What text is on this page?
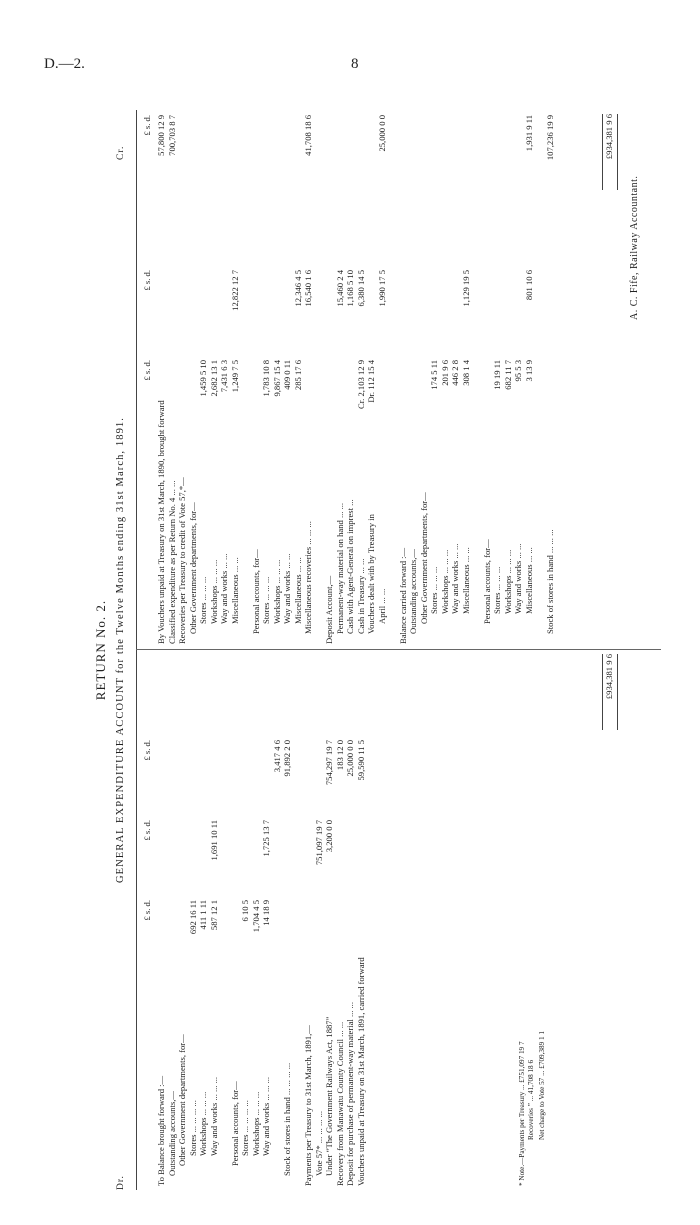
D.—2.	8
RETURN No. 2. GENERAL EXPENDITURE ACCOUNT for the Twelve Months ending 31st March, 1891.
Dr.
Cr.
£ s. d.
£ s. d.
£ s. d.
To Balance brought forward :— Outstanding accounts,— Other Government departments, for— Stores ... ... ... ...
692 16 11
Workshops ... ... ...
411 1 11
Way and works ... ... ...
587 12 1
1,691 10 11
Personal accounts, for— Stores ... ... ... ...
6 10 5
Workshops ... ... ...
1,704 4 5
Way and works ... ... ...
14 18 9
1,725 13 7
3,417 4 6
Stock of stores in hand ... ... ... ...
91,892 2 0
Payments per Treasury to 31st March, 1891,— Vote 57* ... ... ... ...
751,097 19 7
Under “The Government Railways Act, 1887”
3,200 0 0
754,297 19 7
Recovery from Manawatu County Council ... ...
183 12 0
Deposit for purchase of permanent-way material ... ...
25,000 0 0
Vouchers unpaid at Treasury on 31st March, 1891, carried forward
59,590 11 5
£ s. d.
£ s. d.
£ s. d.
By Vouchers unpaid at Treasury on 31st March, 1890, brought forward
57,800 12 9
Classified expenditure as per Return No. 4 ... ...
700,703 8 7
Recoveries per Treasury to credit of Vote 57,*— Other Government departments, for— Stores ... ... ...
1,459 5 10
Workshops ... ... ...
2,682 13 1
Way and works ... ...
7,431 6 3
Miscellaneous ... ...
1,249 7 5
12,822 12 7
Personal accounts, for— Stores ... ... ...
1,783 10 8
Workshops ... ... ...
9,867 15 4
Way and works ... ...
409 0 11
Miscellaneous ... ...
285 17 6
12,346 4 5
Miscellaneous recoveries ... ... ...
16,540 1 6
41,708 18 6
Deposit Account,— Permanent-way material on hand ... ...
15,460 2 4
Cash with Agent-General on imprest ...
1,168 5 10
Cash in Treasury ... ...
Cr. 2,103 12 9
6,380 14 5
Vouchers dealt with by Treasury in
Dr. 112 15 4
April ... ...
1,990 17 5
25,000 0 0
Balance carried forward :— Outstanding accounts,— Other Government departments, for— Stores ... ... ...
174 5 11
Workshops ... ... ...
201 9 6
Way and works ... ...
446 2 8
Miscellaneous ... ...
308 1 4
1,129 19 5
Personal accounts, for— Stores ... ... ...
19 19 11
Workshops ... ... ...
682 11 7
Way and works ... ...
95 5 3
Miscellaneous ... ...
3 13 9
801 10 6
1,931 9 11
Stock of stores in hand ... ... ...
107,236 19 9
* Note.—Payments per Treasury ... £751,097 19 7 Recoveries ” ... 41,708 18 6 Net charge to Vote 57 ... £709,389 1 1
£934,381 9 6
£934,381 9 6
A. C. Fife, Railway Accountant.
